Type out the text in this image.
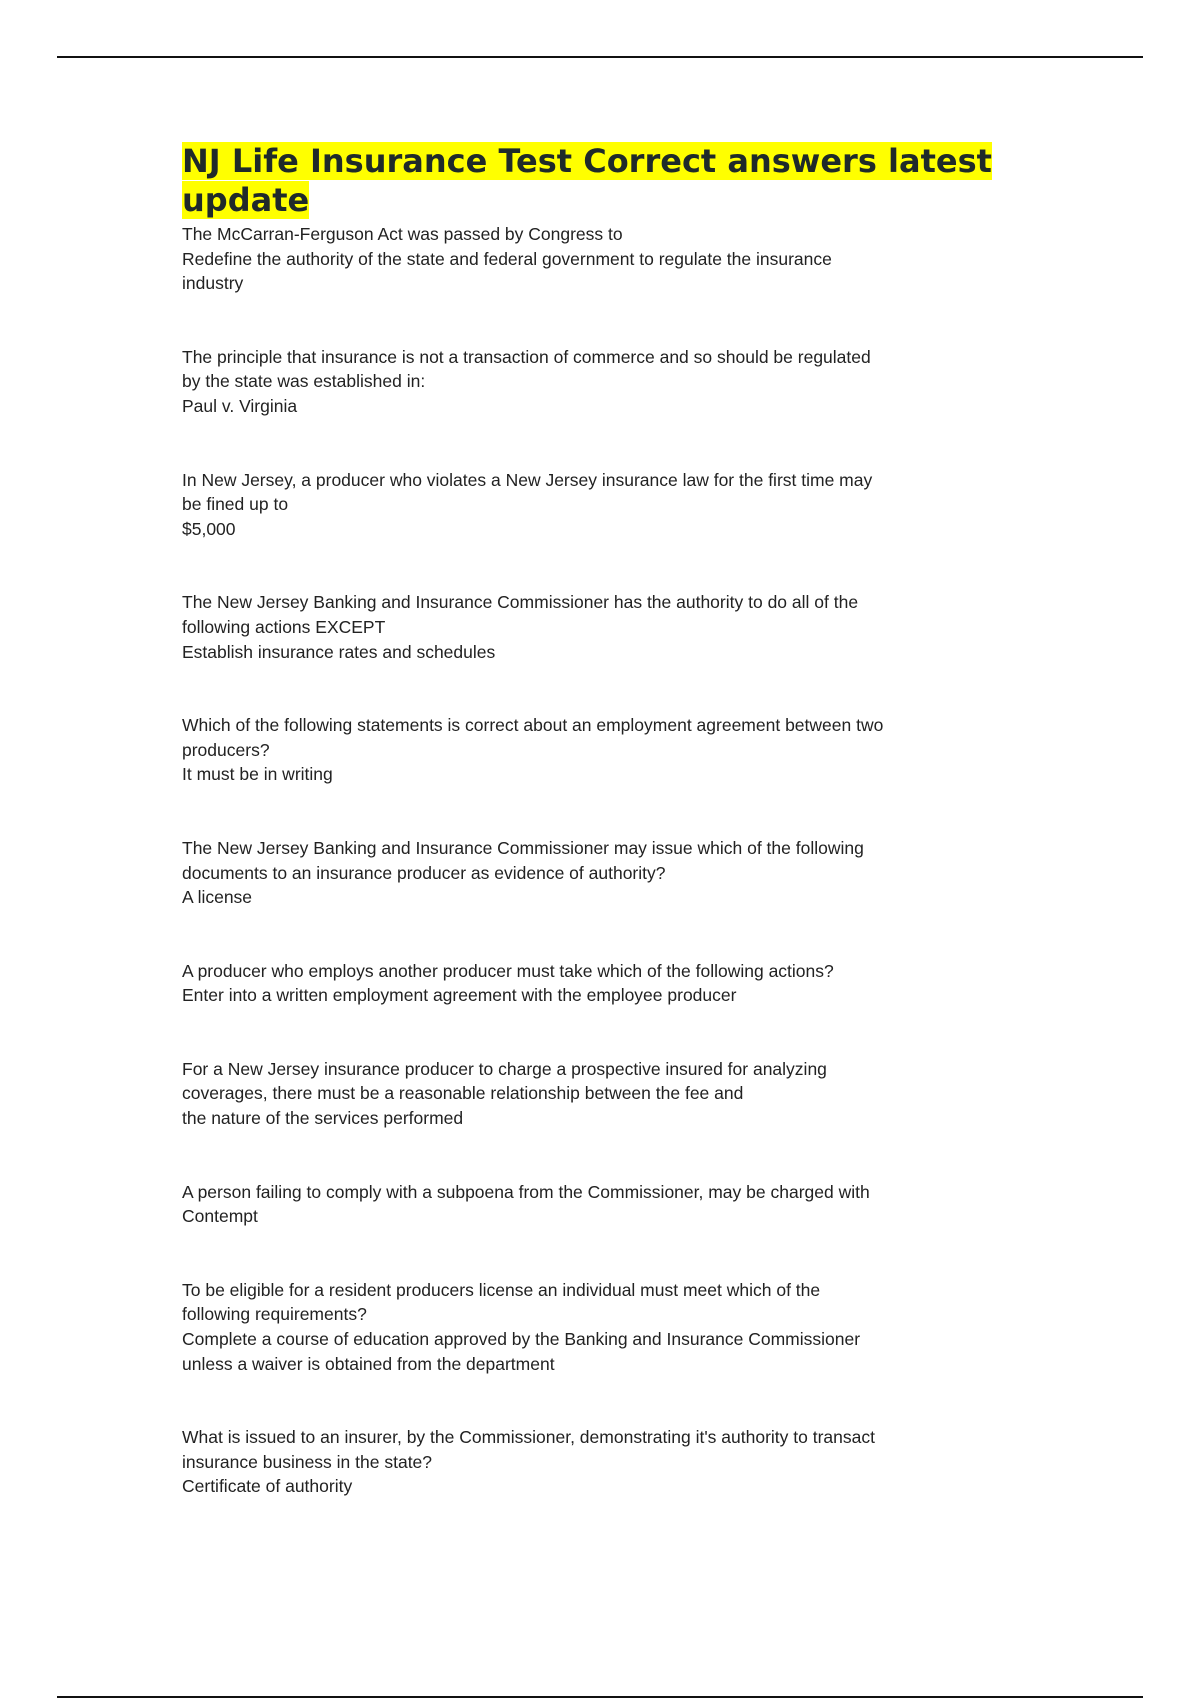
NJ Life Insurance Test Correct answers latest update

The McCarran-Ferguson Act was passed by Congress to

Redefine the authority of the state and federal government to regulate the insurance industry

The principle that insurance is not a transaction of commerce and so should be regulated by the state was established in:

Paul v. Virginia

In New Jersey, a producer who violates a New Jersey insurance law for the first time may be fined up to

$5,000

The New Jersey Banking and Insurance Commissioner has the authority to do all of the following actions EXCEPT

Establish insurance rates and schedules

Which of the following statements is correct about an employment agreement between two producers?

It must be in writing

The New Jersey Banking and Insurance Commissioner may issue which of the following documents to an insurance producer as evidence of authority?

A license

A producer who employs another producer must take which of the following actions?

Enter into a written employment agreement with the employee producer

For a New Jersey insurance producer to charge a prospective insured for analyzing coverages, there must be a reasonable relationship between the fee and

the nature of the services performed

A person failing to comply with a subpoena from the Commissioner, may be charged with

Contempt

To be eligible for a resident producers license an individual must meet which of the following requirements?

Complete a course of education approved by the Banking and Insurance Commissioner unless a waiver is obtained from the department

What is issued to an insurer, by the Commissioner, demonstrating it's authority to transact insurance business in the state?

Certificate of authority
